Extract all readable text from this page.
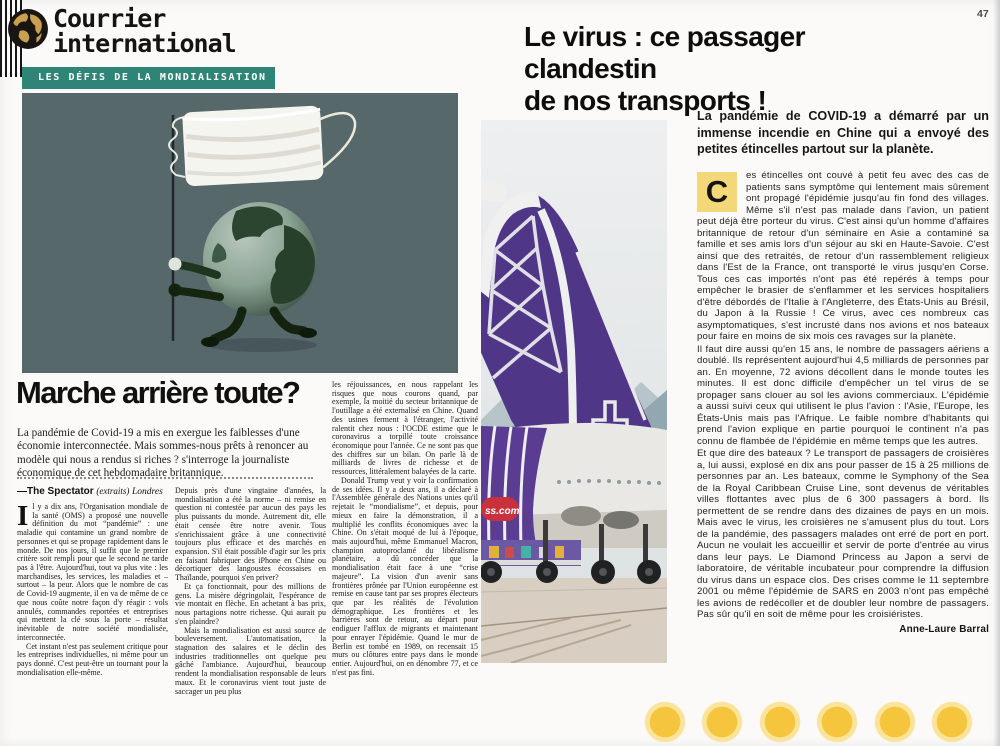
Courrier
international
LES DÉFIS DE LA MONDIALISATION
Marche arrière toute?
La pandémie de Covid-19 a mis en exergue les faiblesses d'une économie interconnectée. Mais sommes-nous prêts à renoncer au modèle qui nous a rendus si riches ? s'interroge la journaliste économique de cet hebdomadaire britannique.
—The Spectator (extraits) Londres

Il y a dix ans, l'Organisation mondiale de la santé (OMS) a proposé une nouvelle définition du mot “pandémie” : une maladie qui contamine un grand nombre de personnes et qui se propage rapidement dans le monde. De nos jours, il suffit que le premier critère soit rempli pour que le second ne tarde pas à l'être. Aujourd'hui, tout va plus vite : les marchandises, les services, les maladies et – surtout – la peur. Alors que le nombre de cas de Covid-19 augmente, il en va de même de ce que nous coûte notre façon d'y réagir : vols annulés, commandes reportées et entreprises qui mettent la clé sous la porte – résultat inévitable de notre société mondialisée, interconnectée.

Cet instant n'est pas seulement critique pour les entreprises individuelles, ni même pour un pays donné. C'est peut-être un tournant pour la mondialisation elle-même.

Depuis près d'une vingtaine d'années, la mondialisation a été la norme – ni remise en question ni contestée par aucun des pays les plus puissants du monde. Autrement dit, elle était censée être notre avenir. Tous s'enrichissaient grâce à une connectivité toujours plus efficace et des marchés en expansion. S'il était possible d'agir sur les prix en faisant fabriquer des iPhone en Chine ou décortiquer des langoustes écossaises en Thaïlande, pourquoi s'en priver?

Et ça fonctionnait, pour des millions de gens. La misère dégringolait, l'espérance de vie montait en flèche. En achetant à bas prix, nous partagions notre richesse. Qui aurait pu s'en plaindre?

Mais la mondialisation est aussi source de bouleversement. L'automatisation, la stagnation des salaires et le déclin des industries traditionnelles ont quelque peu gâché l'ambiance. Aujourd'hui, beaucoup rendent la mondialisation responsable de leurs maux. Et le coronavirus vient tout juste de saccager un peu plus

les réjouissances, en nous rappelant les risques que nous courons quand, par exemple, la moitié du secteur britannique de l'outillage a été externalisé en Chine. Quand des usines ferment à l'étranger, l'activité ralentit chez nous : l'OCDE estime que le coronavirus a torpillé toute croissance économique pour l'année. Ce ne sont pas que des chiffres sur un bilan. On parle là de milliards de livres de richesse et de ressources, littéralement balayées de la carte.

Donald Trump veut y voir la confirmation de ses idées. Il y a deux ans, il a déclaré à l'Assemblée générale des Nations unies qu'il rejetait le “mondialisme”, et depuis, pour mieux en faire la démonstration, il a multiplié les conflits économiques avec la Chine. On s'était moqué de lui à l'époque, mais aujourd'hui, même Emmanuel Macron, champion autoproclamé du libéralisme planétaire, a dû concéder que la mondialisation était face à une “crise majeure”. La vision d'un avenir sans frontières prônée par l'Union européenne est remise en cause tant par ses propres électeurs que par les réalités de l'évolution démographique. Les frontières et les barrières sont de retour, au départ pour endiguer l'afflux de migrants et maintenant pour enrayer l'épidémie. Quand le mur de Berlin est tombé en 1989, on recensait 15 murs ou clôtures entre pays dans le monde entier. Aujourd'hui, on en dénombre 77, et ce n'est pas fini.

47
Le virus : ce passager clandestin
de nos transports !
ss.com
La pandémie de COVID-19 a démarré par un immense incendie en Chine qui a envoyé des petites étincelles partout sur la planète.

C	es étincelles ont couvé à petit feu avec des cas de patients sans symptôme qui lentement mais sûrement ont propagé l'épidémie jusqu'au fin fond des villages. Même s'il n'est pas malade dans l'avion, un patient peut déjà être porteur du virus. C'est ainsi qu'un homme d'affaires britannique de retour d'un séminaire en Asie a contaminé sa famille et ses amis lors d'un séjour au ski en Haute-Savoie. C'est ainsi que des retraités, de retour d'un rassemblement religieux dans l'Est de la France, ont transporté le virus jusqu'en Corse. Tous ces cas importés n'ont pas été repérés à temps pour empêcher le brasier de s'enflammer et les services hospitaliers d'être débordés de l'Italie à l'Angleterre, des États-Unis au Brésil, du Japon à la Russie ! Ce virus, avec ces nombreux cas asymptomatiques, s'est incrusté dans nos avions et nos bateaux pour faire en moins de six mois ces ravages sur la planète.

Il faut dire aussi qu'en 15 ans, le nombre de passagers aériens a doublé. Ils représentent aujourd'hui 4,5 milliards de personnes par an. En moyenne, 72 avions décollent dans le monde toutes les minutes. Il est donc difficile d'empêcher un tel virus de se propager sans clouer au sol les avions commerciaux. L'épidémie a aussi suivi ceux qui utilisent le plus l'avion : l'Asie, l'Europe, les États-Unis mais pas l'Afrique. Le faible nombre d'habitants qui prend l'avion explique en partie pourquoi le continent n'a pas connu de flambée de l'épidémie en même temps que les autres.

Et que dire des bateaux ? Le transport de passagers de croisières a, lui aussi, explosé en dix ans pour passer de 15 à 25 millions de personnes par an. Les bateaux, comme le Symphony of the Sea de la Royal Caribbean Cruise Line, sont devenus de véritables villes flottantes avec plus de 6 300 passagers à bord. Ils permettent de se rendre dans des dizaines de pays en un mois. Mais avec le virus, les croisières ne s'amusent plus du tout. Lors de la pandémie, des passagers malades ont erré de port en port. Aucun ne voulait les accueillir et servir de porte d'entrée au virus dans leur pays. Le Diamond Princess au Japon a servi de laboratoire, de véritable incubateur pour comprendre la diffusion du virus dans un espace clos. Des crises comme le 11 septembre 2001 ou même l'épidémie de SARS en 2003 n'ont pas empêché les avions de redécoller et de doubler leur nombre de passagers. Pas sûr qu'il en soit de même pour les croisiéristes.

Anne-Laure Barral
